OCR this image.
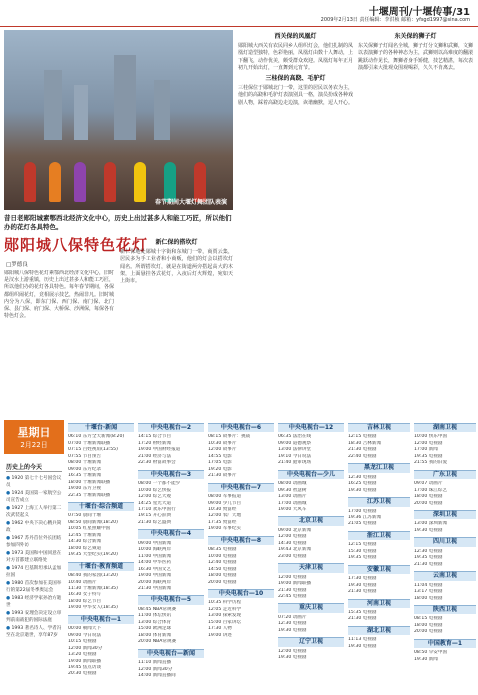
十堰周刊/十堰传事/31
2009年2月13日 责任编辑：李洪桢 邮箱：yfsgd1997@sina.com
春节期间大堰灯舞团队表演
昔日老郧阳城素鄂西北经济文化中心，历史上出过甚多人和能工巧匠，所以他们办的花灯各具特色。
郧阳城八保特色花灯
□罗德良
郧阳城八保特色花灯素鄂西北经济文化中心，旧时是汉水上游重镇，历史上出过甚多人和能工巧匠，所以他们办的花灯各具特色。每年春节期间，各保都组织闹花灯，竞相展示技艺，热闹非凡。旧时城内分为八保，即东门保、西门保、南门保、北门保、县门保、府门保、大桥保、沙洲保，每保各有特色灯会。
新仁保的搭坎灯
新仁保地处郧城十字街和东城门一带，商贾云集，居民多为手工业者和小商贩，他们的灯会以搭坎灯闻名。所谓搭坎灯，就是在街道两旁搭起高大的木架，上面悬挂各式花灯，入夜后灯火辉煌，宛如天上街市。
西关保的凤凰灯
郧阳城大西关有农民同乡人组织灯会，他们扎制的凤凰灯造型独特，色彩艳丽，凤凰灯由数十人舞动，上下翻飞，动作优美，颇受群众欢迎。凤凰灯每年正月初九开始出灯，一直舞到元宵节。
三桂保的高跷、毛驴灯
三桂保位于郧城北门一带，这里的居民以务农为主，他们的高跷和毛驴灯表演别具一格，演员扮成各种戏剧人物，踩着高跷边走边演，诙谐幽默，逗人开心。
东关保的狮子灯
东关保狮子灯闻名全城，狮子灯分文狮和武狮，文狮以表演狮子的各种神态为主，武狮则以高难度的翻滚跳跃动作见长，舞狮者身手矫健，技艺精湛，每次表演都引来大批观众围观喝彩，久久不肯离去。
星期日
2月22日
历史上的今天
● 1920 第七十七号国会议员
● 1924 美国第一家航空公司宣告成立
● 1927 上海工人举行第二次武装起义
● 1962 中央下决心精兵简政
● 1967 苏丹首位外长团结参加四外访
● 1973 美国和中国同意在对方首都建立联络处
● 1974 巴基斯坦承认孟加拉国
● 1980 首次参加在美国举行的第22届冬季奥运会
● 1983 经济学家孙冶方逝世
● 1993 安理会决定设立审判前南战犯的国际法庭
● 1993 著名诗人、学者冯至在北京逝世，享年87岁
十堰台·新闻
06:10 东方全天新闻(8:20)
07:00 十堰新闻联播
07:15 百姓视角(13:55)
07:55 节目预告
08:00 十堰新闻
09:00 东方纪录
16:35 十堰新闻
18:00 十堰新闻联播
19:00 东方卫视
22:35 十堰新闻联播
十堰台·综合频道
07:50 晨间十堰
08:50 晨间新闻(18:20)
10:05 红星照耀中国
12:45 十堰新闻
14:30 综合新闻
18:00 综艺频道
19:35 大型纪实(19:20)
十堰台·教育频道
08:40 我的家园(13:20)
10:40 动画片
11:30 十堰新闻(18:35)
16:30 女子特写
18:00 综艺节目
19:00 中华女人(18:35)
中央电视台—1
00:00 朝闻天下
09:00 今日说法
10:15 电视剧
12:00 新闻30分
13:20 电视剧
19:00 新闻联播
19:45 焦点访谈
20:30 电视剧
中央电视台—2
14:15 综合节目
17:20 财经新闻
19:00 中国财经报道
21:00 经济与法
22:30 财富故事会
中央电视台—3
08:00 一个都不能少
10:00 综艺快报
12:00 综艺大观
14:25 星光大道
17:10 欢乐中国行
19:15 开心辞典
21:30 综艺盛典
中央电视台—4
09:00 中国新闻
10:00 海峡两岸
11:00 中国新闻
14:00 中华医药
16:30 中国文艺
19:00 中国新闻
20:00 海峡两岸
21:30 中国新闻
中央电视台—5
08:45 NBA常规赛
11:00 体坛快讯
13:00 综合体育
15:00 欧洲足球
18:00 体育新闻
20:00 NBA常规赛
中央电视台—新闻
11:10 新闻直播
12:00 新闻30分
14:00 新闻直播间
中央电视台—6
08:15 故事片：挑战
10:30 故事片
12:00 故事片
14:55 电影
17:05 电影
19:20 电影
21:30 故事片
中央电视台—7
08:00 军事报道
09:00 少儿节目
10:30 致富经
12:00 农广天地
17:35 致富经
19:00 军事纪实
中央电视台—8
08:35 电视剧
10:00 电视剧
12:40 电视剧
14:50 电视剧
18:00 电视剧
20:00 电视剧
中央电视台—10
10:35 科学历程
12:05 走近科学
13:00 探索发现
15:00 百家讲坛
17:30 人物
19:00 讲述
中央电视台—12
06:35 法治在线
09:00 道德观察
13:00 法律讲堂
19:10 今日说法
21:40 庭审现场
中央电视台—少儿
08:00 动画城
09:30 智慧树
13:00 动画片
17:00 动画城
19:00 大风车
北京卫视
09:00 北京新闻
12:00 电视剧
14:30 电视剧
19:43 北京新闻
23:00 电视剧
天津卫视
12:00 电视剧
19:00 新闻联播
21:30 电视剧
22:45 电视剧
重庆卫视
07:20 动画片
12:30 电视剧
19:30 电视剧
辽宁卫视
12:00 电视剧
19:30 电视剧
吉林卫视
12:15 电视剧
18:30 吉林新闻
21:30 电视剧
22:40 电视剧
黑龙江卫视
12:30 电视剧
16:25 电视剧
19:30 电视剧
江苏卫视
17:00 电视剧
19:36 江苏新闻
21:05 电视剧
浙江卫视
12:15 电视剧
15:30 电视剧
19:35 电视剧
安徽卫视
17:30 电视剧
19:30 电视剧
21:30 电视剧
河南卫视
15:35 电视剧
21:30 电视剧
湖北卫视
11:13 电视剧
19:30 电视剧
湖南卫视
10:00 快乐中国
12:00 电视剧
17:00 新闻
19:35 电视剧
21:55 我的旧爱
广东卫视
09:07 动画片
17:00 珠江综艺
18:00 电视剧
20:00 电视剧
深圳卫视
13:00 深圳新闻
19:30 电视剧
四川卫视
12:30 电视剧
19:35 电视剧
21:30 电视剧
云南卫视
11:04 电视剧
13:17 电视剧
18:00 电视剧
陕西卫视
08:15 电视剧
18:00 电视剧
20:00 电视剧
中国教育—1
08:50 早安中国
19:30 新闻
